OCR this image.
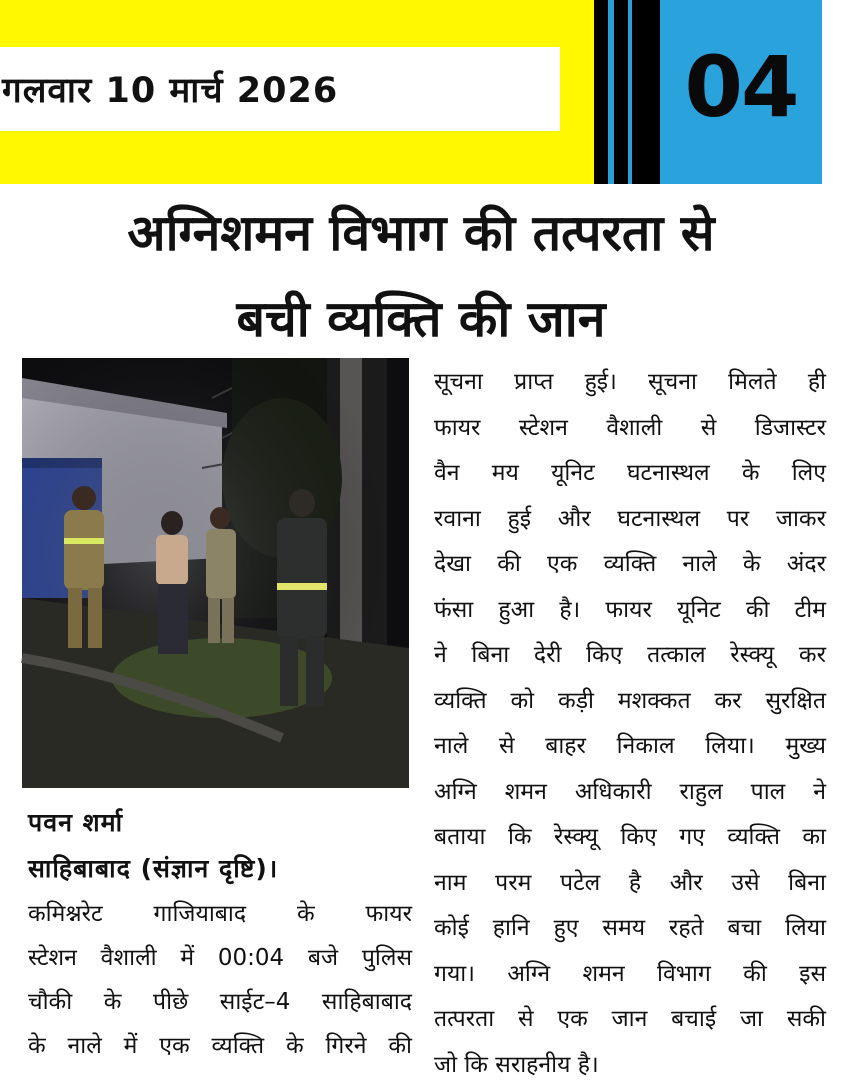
गलवार 10 मार्च 2026	04
अग्निशमन विभाग की तत्परता से
बची व्यक्ति की जान
पवन शर्मा
साहिबाबाद (संज्ञान दृष्टि)।
कमिश्नरेट गाजियाबाद के फायर
स्टेशन वैशाली में 00:04 बजे पुलिस
चौकी के पीछे साईट–4 साहिबाबाद
के नाले में एक व्यक्ति के गिरने की
सूचना प्राप्त हुई। सूचना मिलते ही
फायर स्टेशन वैशाली से डिजास्टर
वैन मय यूनिट घटनास्थल के लिए
रवाना हुई और घटनास्थल पर जाकर
देखा की एक व्यक्ति नाले के अंदर
फंसा हुआ है। फायर यूनिट की टीम
ने बिना देरी किए तत्काल रेस्क्यू कर
व्यक्ति को कड़ी मशक्कत कर सुरक्षित
नाले से बाहर निकाल लिया। मुख्य
अग्नि शमन अधिकारी राहुल पाल ने
बताया कि रेस्क्यू किए गए व्यक्ति का
नाम परम पटेल है और उसे बिना
कोई हानि हुए समय रहते बचा लिया
गया। अग्नि शमन विभाग की इस
तत्परता से एक जान बचाई जा सकी
जो कि सराहनीय है।
